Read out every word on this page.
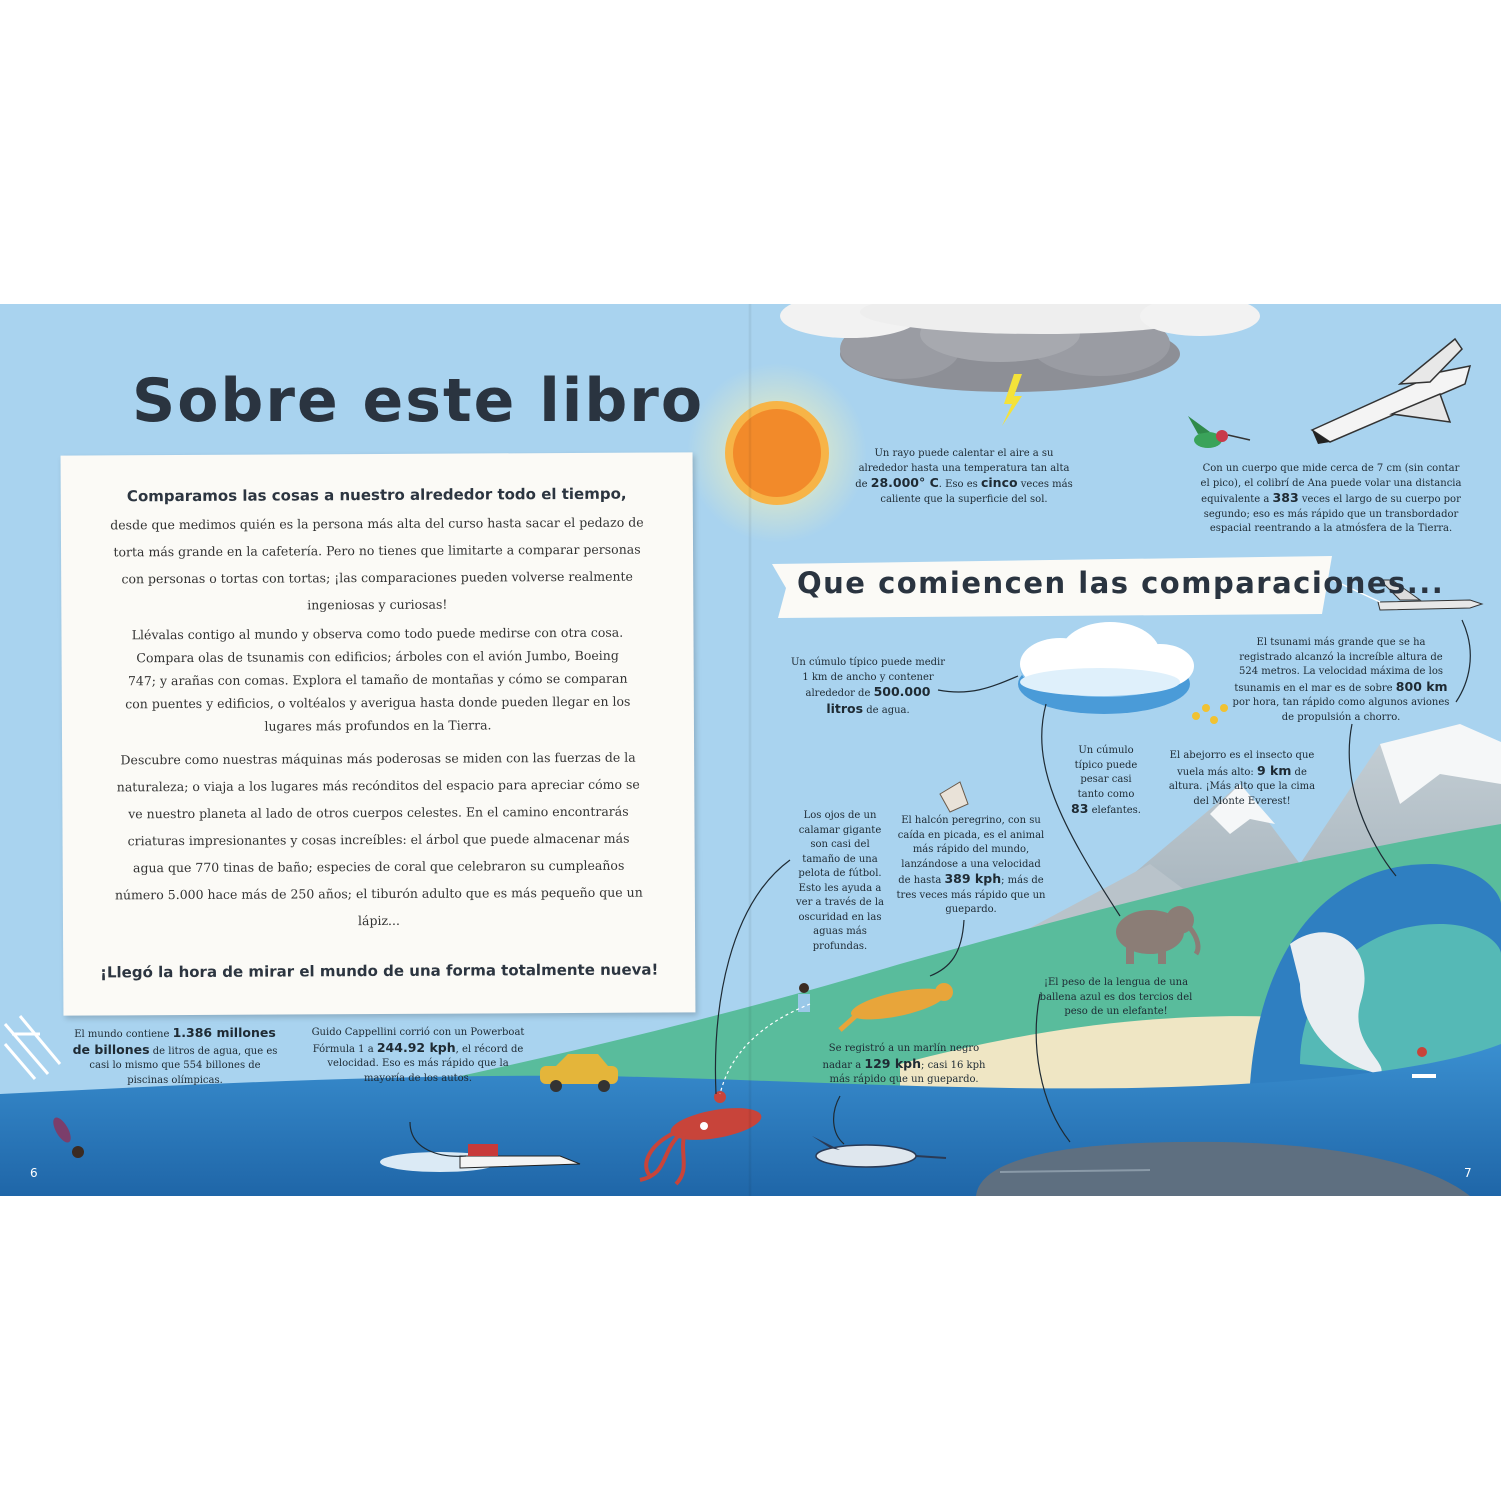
Sobre este libro
Comparamos las cosas a nuestro alrededor todo el tiempo,

desde que medimos quién es la persona más alta del curso hasta sacar el pedazo de torta más grande en la cafetería. Pero no tienes que limitarte a comparar personas con personas o tortas con tortas; ¡las comparaciones pueden volverse realmente ingeniosas y curiosas!

Llévalas contigo al mundo y observa como todo puede medirse con otra cosa. Compara olas de tsunamis con edificios; árboles con el avión Jumbo, Boeing 747; y arañas con comas. Explora el tamaño de montañas y cómo se comparan con puentes y edificios, o voltéalos y averigua hasta donde pueden llegar en los lugares más profundos en la Tierra.

Descubre como nuestras máquinas más poderosas se miden con las fuerzas de la naturaleza; o viaja a los lugares más recónditos del espacio para apreciar cómo se ve nuestro planeta al lado de otros cuerpos celestes. En el camino encontrarás criaturas impresionantes y cosas increíbles: el árbol que puede almacenar más agua que 770 tinas de baño; especies de coral que celebraron su cumpleaños número 5.000 hace más de 250 años; el tiburón adulto que es más pequeño que un lápiz...

¡Llegó la hora de mirar el mundo de una forma totalmente nueva!
El mundo contiene 1.386 millones de billones de litros de agua, que es casi lo mismo que 554 billones de piscinas olímpicas.
Guido Cappellini corrió con un Powerboat Fórmula 1 a 244.92 kph, el récord de velocidad. Eso es más rápido que la mayoría de los autos.
6
Que comiencen las comparaciones...
Un rayo puede calentar el aire a su alrededor hasta una temperatura tan alta de 28.000° C. Eso es cinco veces más caliente que la superficie del sol.
Con un cuerpo que mide cerca de 7 cm (sin contar el pico), el colibrí de Ana puede volar una distancia equivalente a 383 veces el largo de su cuerpo por segundo; eso es más rápido que un transbordador espacial reentrando a la atmósfera de la Tierra.
Un cúmulo típico puede medir 1 km de ancho y contener alrededor de 500.000 litros de agua.
Un cúmulo típico puede pesar casi tanto como 83 elefantes.
El tsunami más grande que se ha registrado alcanzó la increíble altura de 524 metros. La velocidad máxima de los tsunamis en el mar es de sobre 800 km por hora, tan rápido como algunos aviones de propulsión a chorro.
El abejorro es el insecto que vuela más alto: 9 km de altura. ¡Más alto que la cima del Monte Everest!
Los ojos de un calamar gigante son casi del tamaño de una pelota de fútbol. Esto les ayuda a ver a través de la oscuridad en las aguas más profundas.
El halcón peregrino, con su caída en picada, es el animal más rápido del mundo, lanzándose a una velocidad de hasta 389 kph; más de tres veces más rápido que un guepardo.
¡El peso de la lengua de una ballena azul es dos tercios del peso de un elefante!
Se registró a un marlín negro nadar a 129 kph; casi 16 kph más rápido que un guepardo.
7
